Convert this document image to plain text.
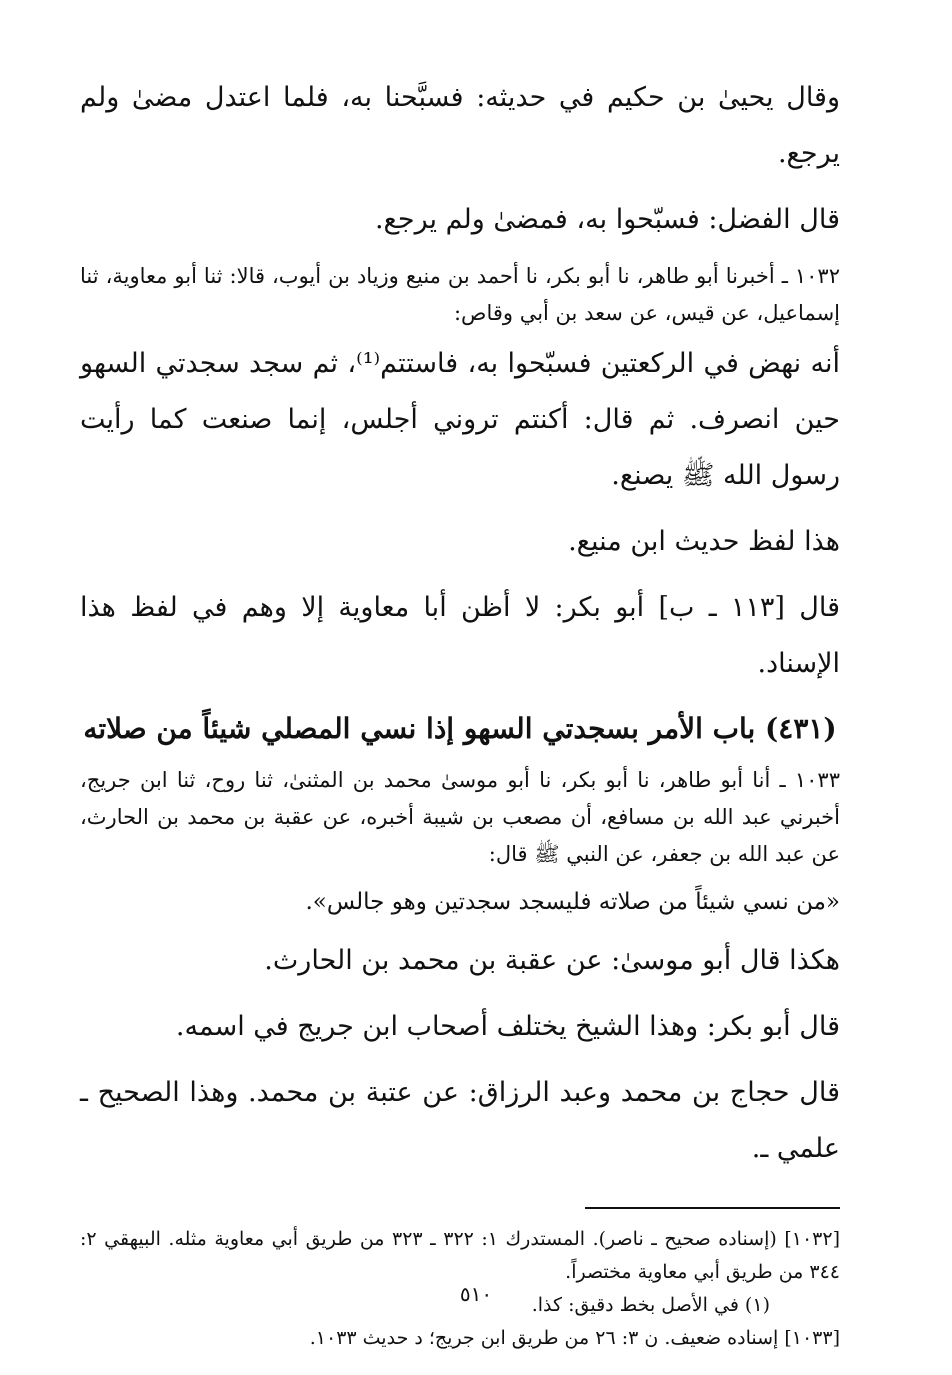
وقال يحيىٰ بن حكيم في حديثه: فسبَّحنا به، فلما اعتدل مضىٰ ولم يرجع.

قال الفضل: فسبّحوا به، فمضىٰ ولم يرجع.

١٠٣٢ ـ أخبرنا أبو طاهر، نا أبو بكر، نا أحمد بن منيع وزياد بن أيوب، قالا: ثنا أبو معاوية، ثنا إسماعيل، عن قيس، عن سعد بن أبي وقاص:

أنه نهض في الركعتين فسبّحوا به، فاستتم⁽¹⁾، ثم سجد سجدتي السهو حين انصرف. ثم قال: أكنتم تروني أجلس، إنما صنعت كما رأيت رسول الله ﷺ يصنع.

هذا لفظ حديث ابن منيع.

قال [١١٣ ـ ب] أبو بكر: لا أظن أبا معاوية إلا وهم في لفظ هذا الإسناد.

(٤٣١) باب الأمر بسجدتي السهو إذا نسي المصلي شيئاً من صلاته

١٠٣٣ ـ أنا أبو طاهر، نا أبو بكر، نا أبو موسىٰ محمد بن المثنىٰ، ثنا روح، ثنا ابن جريج، أخبرني عبد الله بن مسافع، أن مصعب بن شيبة أخبره، عن عقبة بن محمد بن الحارث، عن عبد الله بن جعفر، عن النبي ﷺ قال:

«من نسي شيئاً من صلاته فليسجد سجدتين وهو جالس».

هكذا قال أبو موسىٰ: عن عقبة بن محمد بن الحارث.

قال أبو بكر: وهذا الشيخ يختلف أصحاب ابن جريج في اسمه.

قال حجاج بن محمد وعبد الرزاق: عن عتبة بن محمد. وهذا الصحيح ـ علمي ـ.

[١٠٣٢] (إسناده صحيح ـ ناصر). المستدرك ١: ٣٢٢ ـ ٣٢٣ من طريق أبي معاوية مثله. البيهقي ٢: ٣٤٤ من طريق أبي معاوية مختصراً.
(١) في الأصل بخط دقيق: كذا.
[١٠٣٣] إسناده ضعيف. ن ٣: ٢٦ من طريق ابن جريج؛ د حديث ١٠٣٣.
٥١٠
